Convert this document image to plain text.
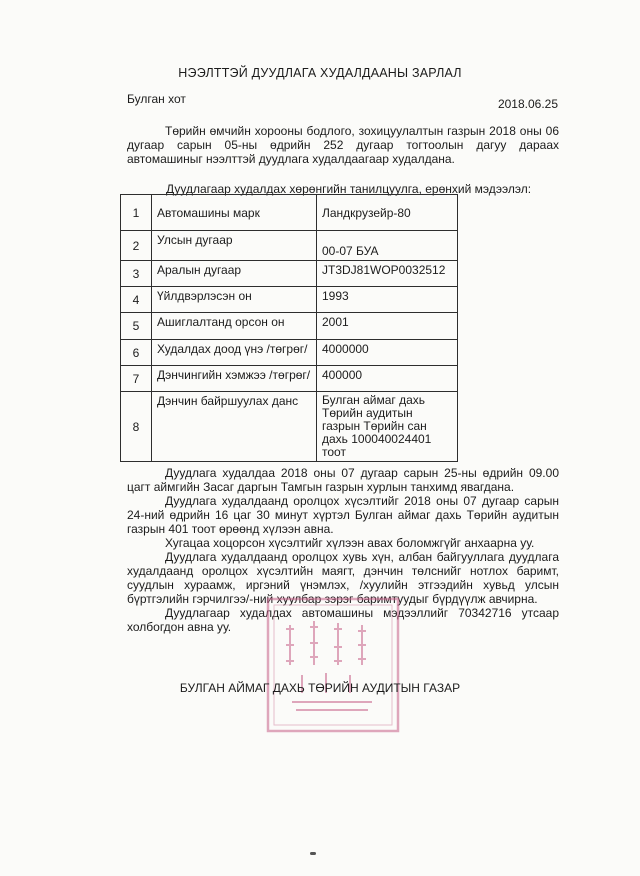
НЭЭЛТТЭЙ ДУУДЛАГА ХУДАЛДААНЫ ЗАРЛАЛ
Булган хот	2018.06.25

Төрийн өмчийн хорооны бодлого, зохицуулалтын газрын 2018 оны 06 дугаар сарын 05-ны өдрийн 252 дугаар тогтоолын дагуу дараах автомашиныг нээлттэй дуудлага худалдаагаар худалдана.

Дуудлагаар худалдах хөрөнгийн танилцуулга, ерөнхий мэдээлэл:
1	Автомашины марк	Ландкрузейр-80
2	Улсын дугаар	00-07 БУА
3	Аралын дугаар	JT3DJ81WOP0032512
4	Үйлдвэрлэсэн он	1993
5	Ашиглалтанд орсон он	2001
6	Худалдах доод үнэ /төгрөг/	4000000
7	Дэнчингийн хэмжээ /төгрөг/	400000
8	Дэнчин байршуулах данс	Булган аймаг дахь Төрийн аудитын газрын Төрийн сан дахь 100040024401 тоот

Дуудлага худалдаа 2018 оны 07 дугаар сарын 25-ны өдрийн 09.00 цагт аймгийн Засаг даргын Тамгын газрын хурлын танхимд явагдана.

Дуудлага худалдаанд оролцох хүсэлтийг 2018 оны 07 дугаар сарын 24-ний өдрийн 16 цаг 30 минут хүртэл Булган аймаг дахь Төрийн аудитын газрын 401 тоот өрөөнд хүлээн авна.

Хугацаа хоцорсон хүсэлтийг хүлээн авах боломжгүйг анхаарна уу.

Дуудлага худалдаанд оролцох хувь хүн, албан байгууллага дуудлага худалдаанд оролцох хүсэлтийн маягт, дэнчин төлснийг нотлох баримт, суудлын хураамж, иргэний үнэмлэх, /хуулийн этгээдийн хувьд улсын бүртгэлийн гэрчилгээ/-ний хуулбар зэрэг баримтуудыг бүрдүүлж авчирна.

Дуудлагаар худалдах автомашины мэдээллийг 70342716 утсаар холбогдон авна уу.

БУЛГАН АЙМАГ ДАХЬ ТӨРИЙН АУДИТЫН ГАЗАР
